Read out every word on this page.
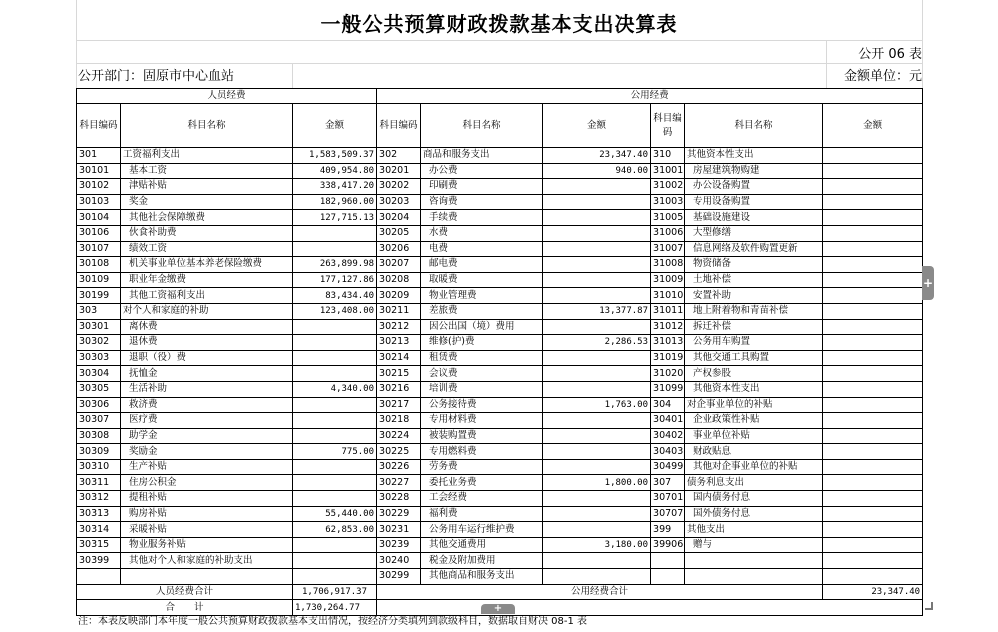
一般公共预算财政拨款基本支出决算表
公开 06 表
公开部门：固原市中心血站	金额单位：元
人员经费			公用经费					
科目编码	科目名称	金额	科目编码	科目名称	金额	科目编码	科目名称	金额
301	工资福利支出	1,583,509.37	302	商品和服务支出	23,347.40	310	其他资本性支出	
30101	基本工资	409,954.80	30201	办公费	940.00	31001	房屋建筑物购建	
30102	津贴补贴	338,417.20	30202	印刷费		31002	办公设备购置	
30103	奖金	182,960.00	30203	咨询费		31003	专用设备购置	
30104	其他社会保障缴费	127,715.13	30204	手续费		31005	基础设施建设	
30106	伙食补助费		30205	水费		31006	大型修缮	
30107	绩效工资		30206	电费		31007	信息网络及软件购置更新	
30108	机关事业单位基本养老保险缴费	263,899.98	30207	邮电费		31008	物资储备	
30109	职业年金缴费	177,127.86	30208	取暖费		31009	土地补偿	
30199	其他工资福利支出	83,434.40	30209	物业管理费		31010	安置补助	
303	对个人和家庭的补助	123,408.00	30211	差旅费	13,377.87	31011	地上附着物和青苗补偿	
30301	离休费		30212	因公出国（境）费用		31012	拆迁补偿	
30302	退休费		30213	维修(护)费	2,286.53	31013	公务用车购置	
30303	退职（役）费		30214	租赁费		31019	其他交通工具购置	
30304	抚恤金		30215	会议费		31020	产权参股	
30305	生活补助	4,340.00	30216	培训费		31099	其他资本性支出	
30306	救济费		30217	公务接待费	1,763.00	304	对企事业单位的补贴	
30307	医疗费		30218	专用材料费		30401	企业政策性补贴	
30308	助学金		30224	被装购置费		30402	事业单位补贴	
30309	奖励金	775.00	30225	专用燃料费		30403	财政贴息	
30310	生产补贴		30226	劳务费		30499	其他对企事业单位的补贴	
30311	住房公积金		30227	委托业务费	1,800.00	307	债务利息支出	
30312	提租补贴		30228	工会经费		30701	国内债务付息	
30313	购房补贴	55,440.00	30229	福利费		30707	国外债务付息	
30314	采暖补贴	62,853.00	30231	公务用车运行维护费		399	其他支出	
30315	物业服务补贴		30239	其他交通费用	3,180.00	39906	赠与	
30399	其他对个人和家庭的补助支出		30240	税金及附加费用				
			30299	其他商品和服务支出				
人员经费合计		1,706,917.37	公用经费合计					23,347.40
合　　计		1,730,264.77						
注：本表反映部门本年度一般公共预算财政拨款基本支出情况，按经济分类填列到款级科目，数据取自财决 08-1 表
+
+
